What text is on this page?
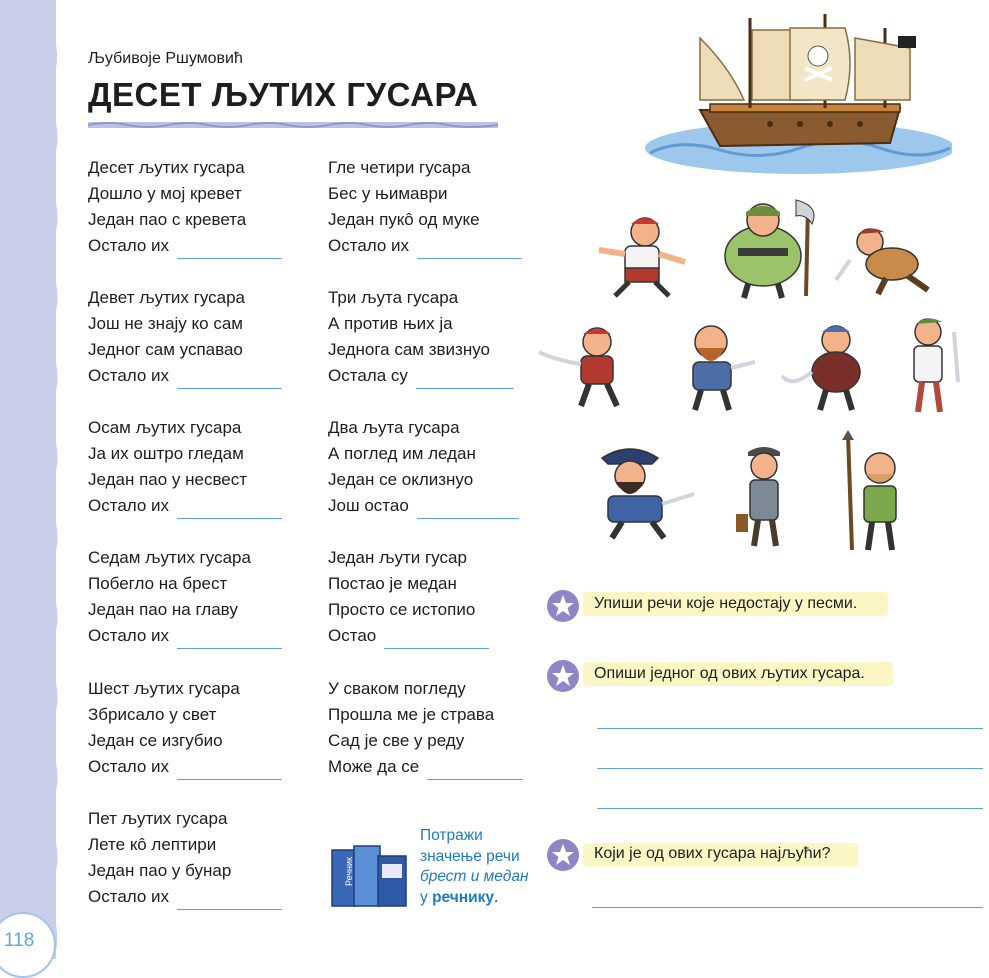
118
Љубивоје Ршумовић
ДЕСЕТ ЉУТИХ ГУСАРА
Десет љутих гусара
Дошло у мој кревет
Један пао с кревета
Остало их
Девет љутих гусара
Још не знају ко сам
Једног сам успавао
Остало их
Осам љутих гусара
Ја их оштро гледам
Један пао у несвест
Остало их
Седам љутих гусара
Побегло на брест
Један пао на главу
Остало их
Шест љутих гусара
Збрисало у свет
Један се изгубио
Остало их
Пет љутих гусара
Лете кô лептири
Један пао у бунар
Остало их
Гле четири гусара
Бес у њимаври
Један пукô од муке
Остало их
Три љута гусара
А против њих ја
Једнога сам звизнуо
Остала су
Два љута гусара
А поглед им ледан
Један се оклизнуо
Још остао
Један љути гусар
Постао је медан
Просто се истопио
Остао
У сваком погледу
Прошла ме је страва
Сад је све у реду
Може да се
Речник
Потражи
значење речи
брест и медан
у речнику.
Упиши речи које недостају у песми.
Опиши једног од ових љутих гусара.
Који је од ових гусара најљући?
